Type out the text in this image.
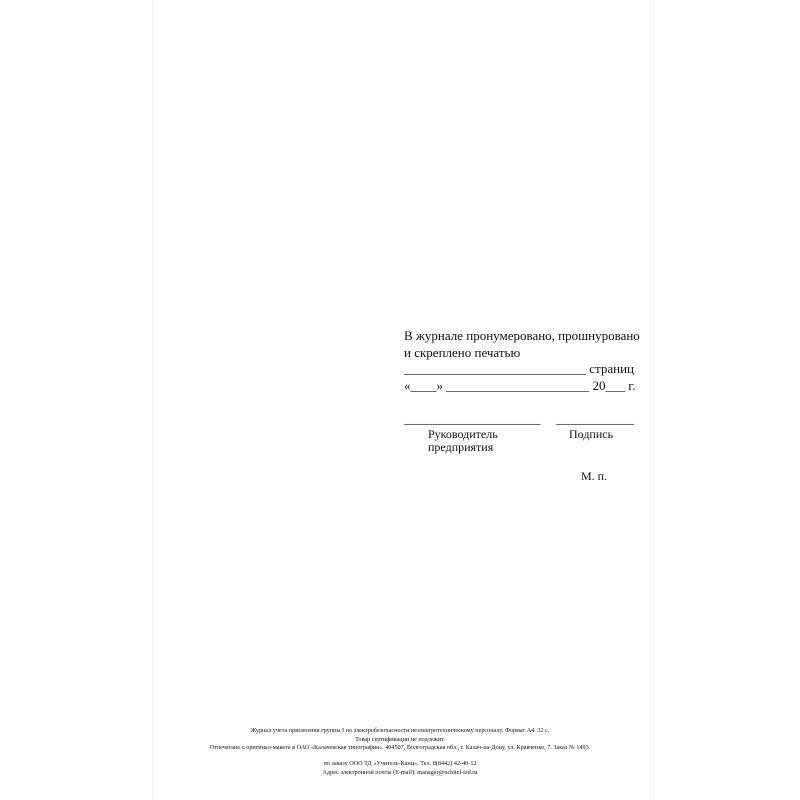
В журнале пронумеровано, прошнуровано
и скреплено печатью
____________________________ страниц
«____» ______________________ 20___ г.
_____________________ ____________
Руководитель
предприятия
Подпись
М. п.
Журнал учета присвоения группы I по электробезопасности неэлектротехническому персоналу. Формат А4. 32 с.
Товар сертификации не подлежит.
Отпечатано с оригинал-макета в ОАО «Калачевская типография». 404507, Волгоградская обл., г. Калач-на-Дону, ул. Кравченко, 7. Заказ № 1493.
по заказу ООО ТД «Учитель-Канц». Тел. 8(8442) 42-40-12
Адрес электронной почты (E-mail): manager@uchitel-izd.ru
